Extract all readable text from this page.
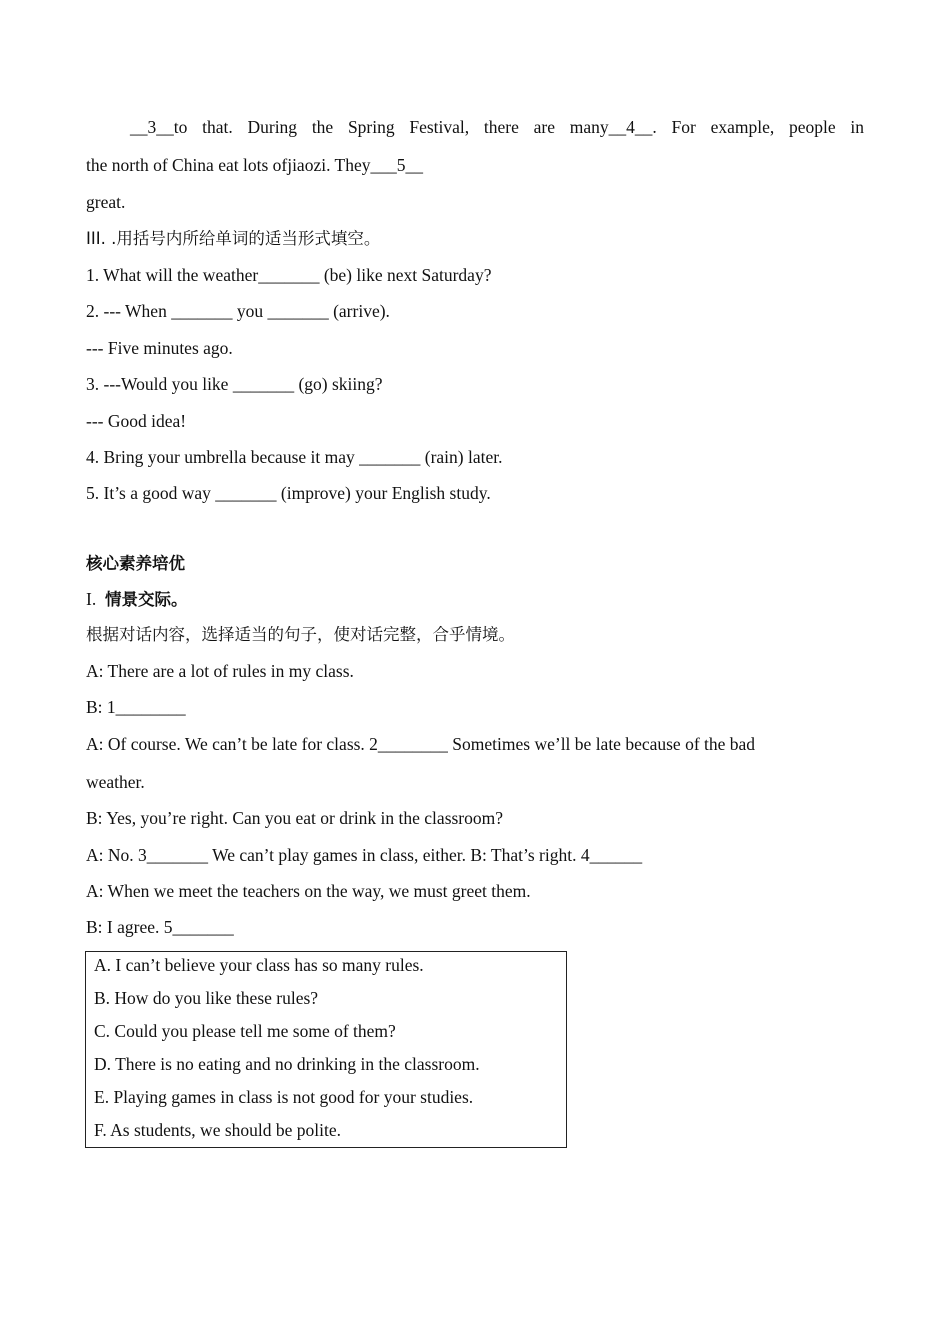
__3__to that. During the Spring Festival, there are many__4__. For example, people in
the north of China eat lots ofjiaozi. They___5__
great.
III. .用括号内所给单词的适当形式填空。
1. What will the weather_______ (be) like next Saturday?
2. --- When _______ you _______ (arrive).
--- Five minutes ago.
3. ---Would you like _______ (go) skiing?
--- Good idea!
4. Bring your umbrella because it may _______ (rain) later.
5. It’s a good way _______ (improve) your English study.
核心素养培优
I. 情景交际。
根据对话内容，选择适当的句子，使对话完整，合乎情境。
A: There are a lot of rules in my class.
B: 1________
A: Of course. We can’t be late for class. 2________ Sometimes we’ll be late because of the bad
weather.
B: Yes, you’re right. Can you eat or drink in the classroom?
A: No. 3_______ We can’t play games in class, either. B: That’s right. 4______
A: When we meet the teachers on the way, we must greet them.
B: I agree. 5_______
A. I can’t believe your class has so many rules.
B. How do you like these rules?
C. Could you please tell me some of them?
D. There is no eating and no drinking in the classroom.
E. Playing games in class is not good for your studies.
F. As students, we should be polite.
